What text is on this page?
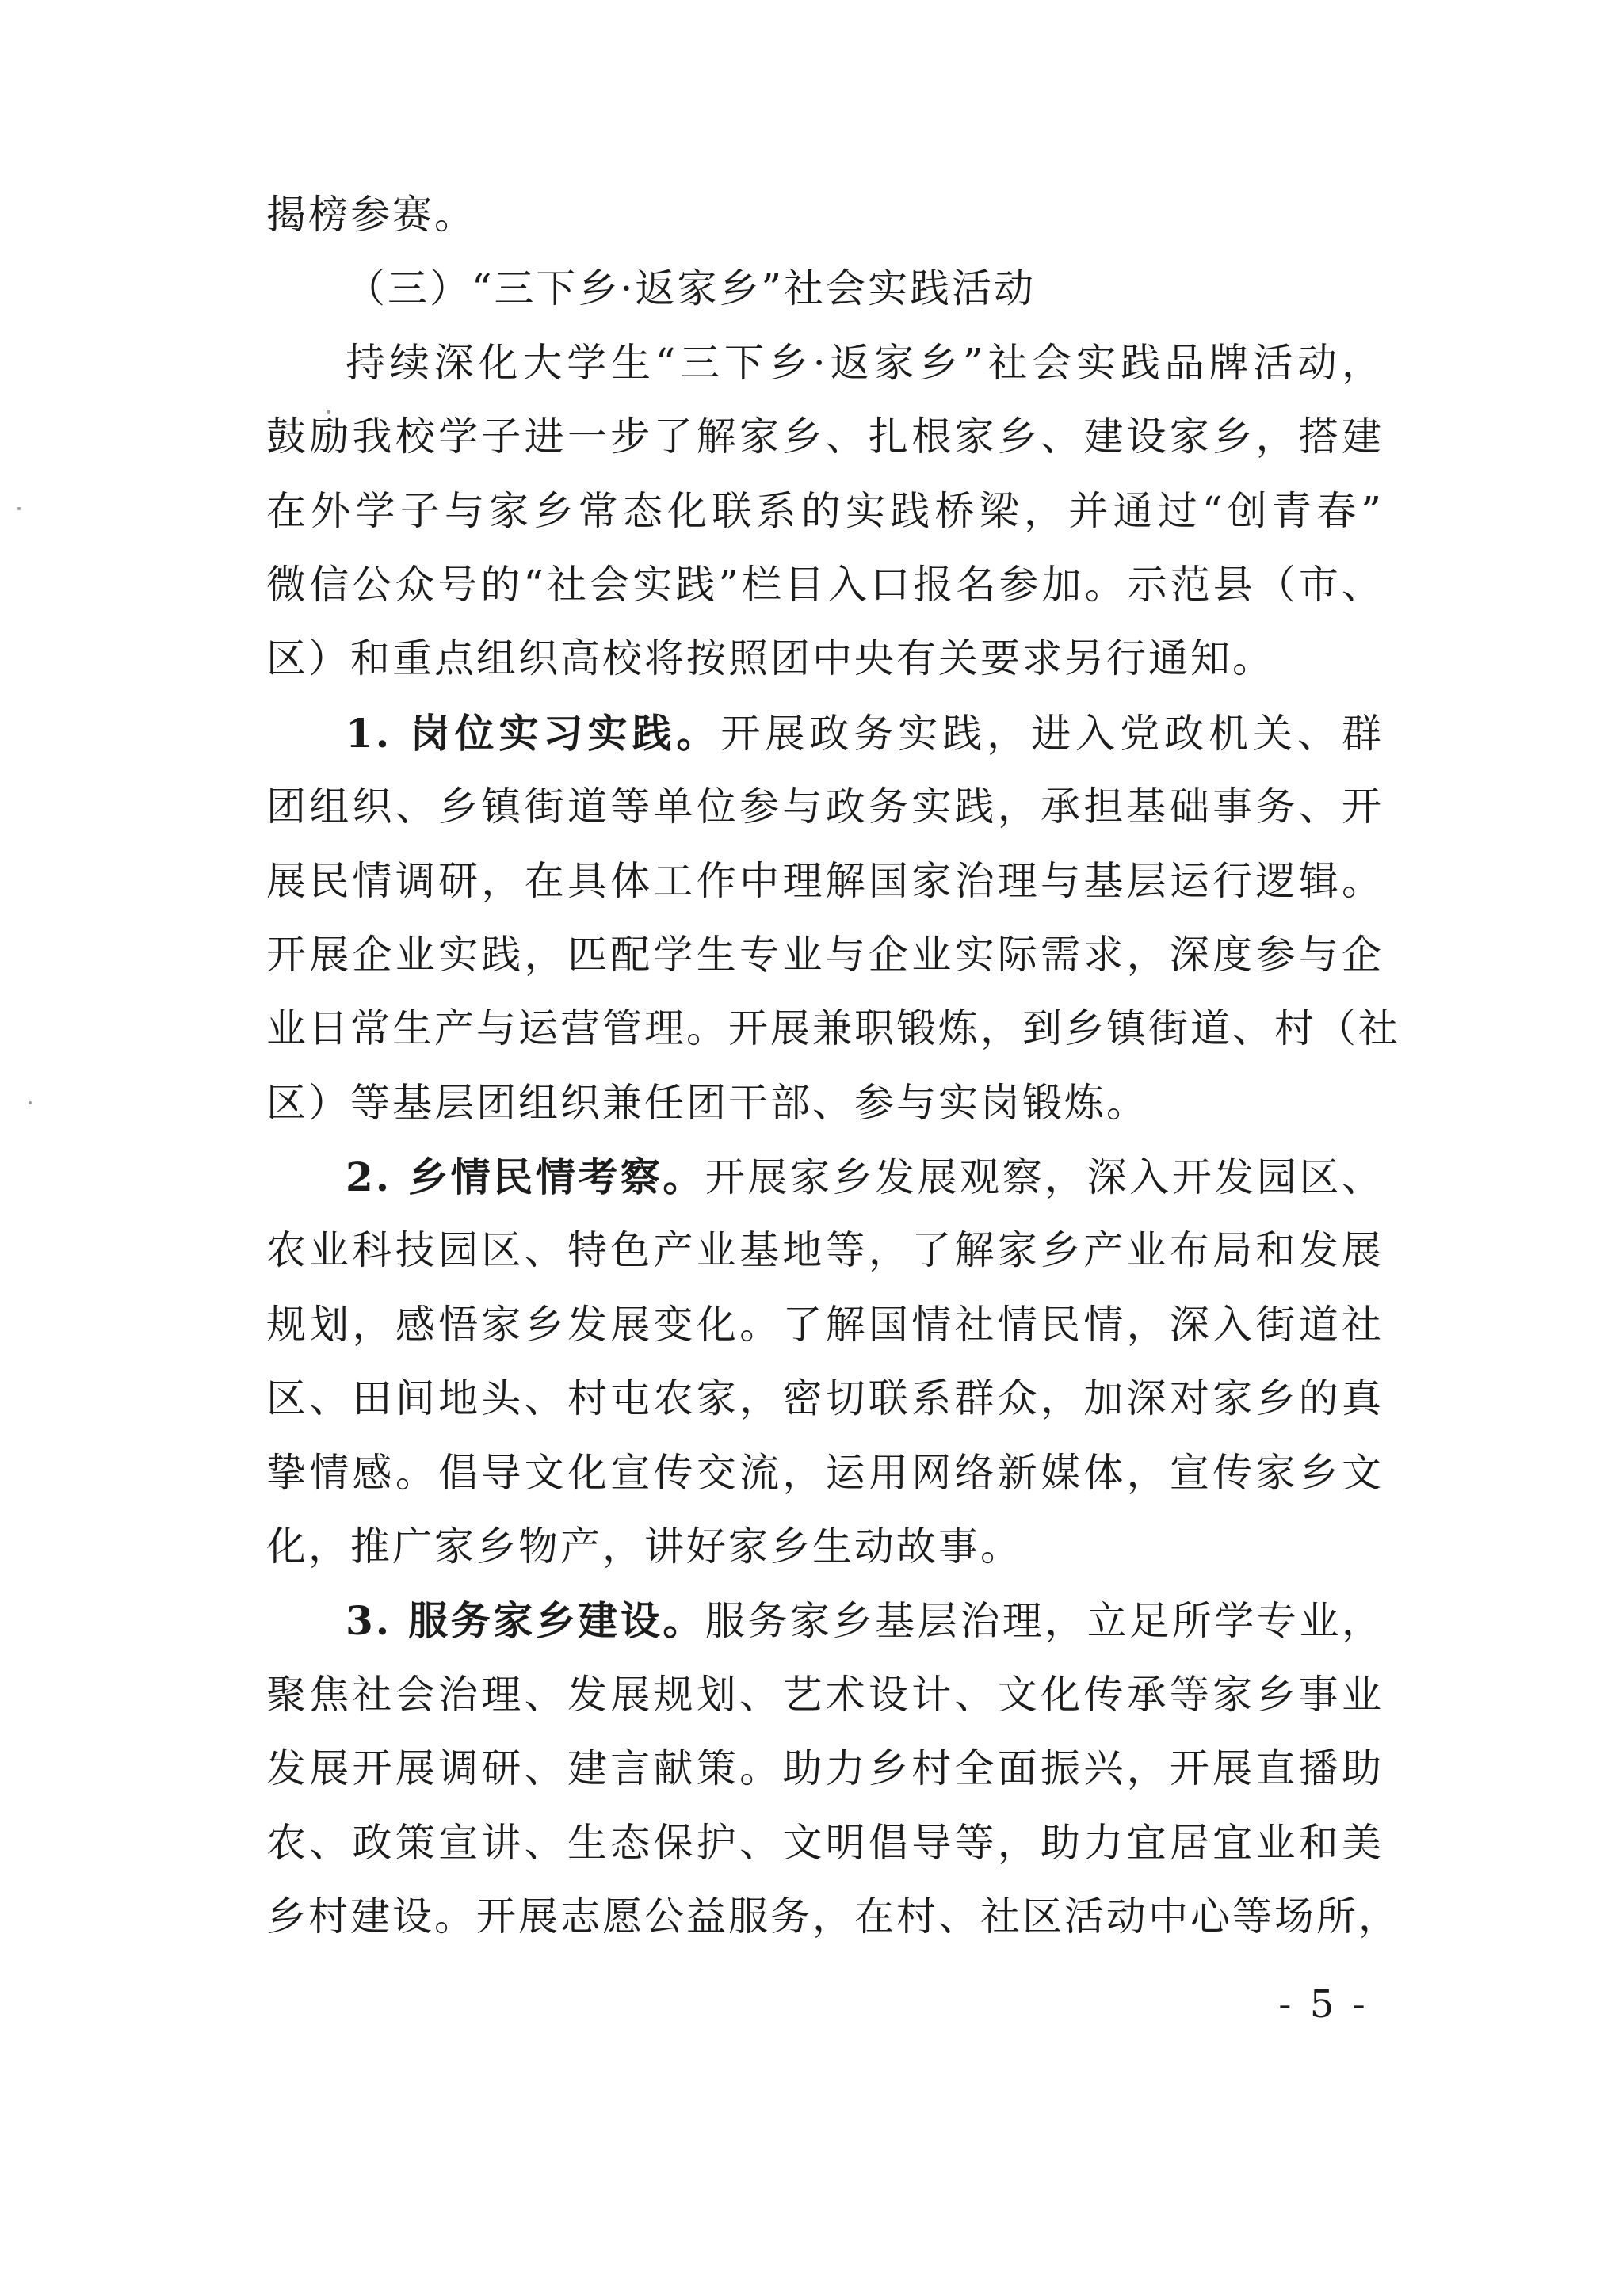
揭榜参赛。
（三）“三下乡·返家乡”社会实践活动
持续深化大学生“三下乡·返家乡”社会实践品牌活动，
鼓励我校学子进一步了解家乡、扎根家乡、建设家乡，搭建
在外学子与家乡常态化联系的实践桥梁，并通过“创青春”
微信公众号的“社会实践”栏目入口报名参加。示范县（市、
区）和重点组织高校将按照团中央有关要求另行通知。
1. 岗位实习实践。开展政务实践，进入党政机关、群
团组织、乡镇街道等单位参与政务实践，承担基础事务、开
展民情调研，在具体工作中理解国家治理与基层运行逻辑。
开展企业实践，匹配学生专业与企业实际需求，深度参与企
业日常生产与运营管理。开展兼职锻炼，到乡镇街道、村（社
区）等基层团组织兼任团干部、参与实岗锻炼。
2. 乡情民情考察。开展家乡发展观察，深入开发园区、
农业科技园区、特色产业基地等，了解家乡产业布局和发展
规划，感悟家乡发展变化。了解国情社情民情，深入街道社
区、田间地头、村屯农家，密切联系群众，加深对家乡的真
挚情感。倡导文化宣传交流，运用网络新媒体，宣传家乡文
化，推广家乡物产，讲好家乡生动故事。
3. 服务家乡建设。服务家乡基层治理，立足所学专业，
聚焦社会治理、发展规划、艺术设计、文化传承等家乡事业
发展开展调研、建言献策。助力乡村全面振兴，开展直播助
农、政策宣讲、生态保护、文明倡导等，助力宜居宜业和美
乡村建设。开展志愿公益服务，在村、社区活动中心等场所，
- 5 -
